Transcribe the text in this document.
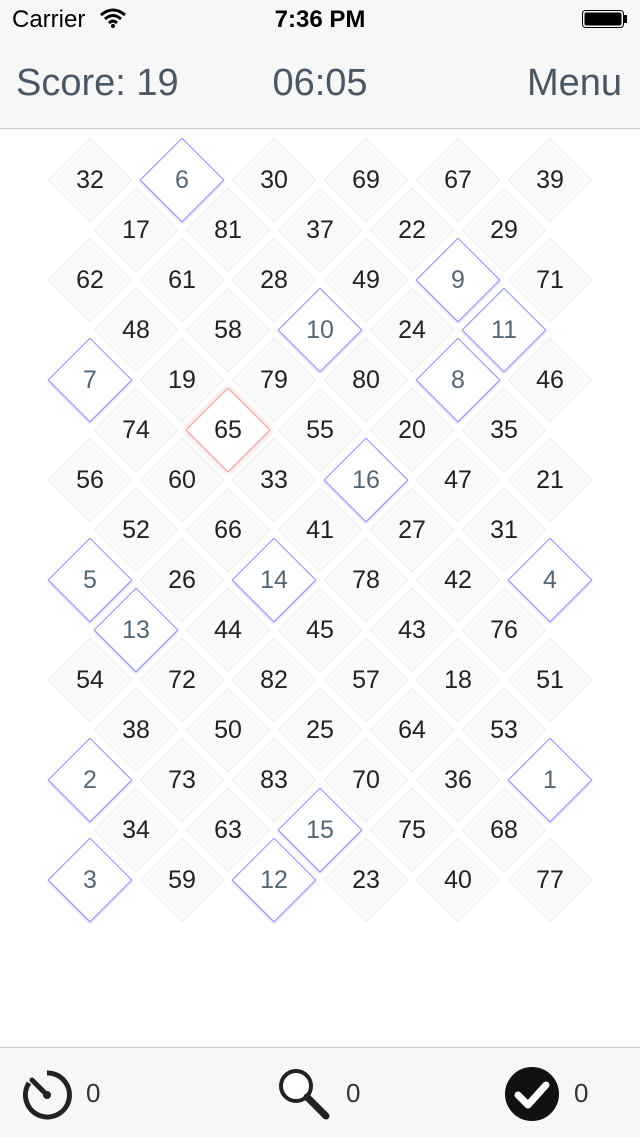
Carrier	7:36 PM
Score: 19	06:05	Menu
32	6	30	69	67	39
17	81	37	22	29
62	61	28	49	9	71
48	58	10	24	11
7	19	79	80	8	46
74	65	55	20	35
56	60	33	16	47	21
52	66	41	27	31
5	26	14	78	42	4
13	44	45	43	76
54	72	82	57	18	51
38	50	25	64	53
2	73	83	70	36	1
34	63	15	75	68
3	59	12	23	40	77
0	0	0
